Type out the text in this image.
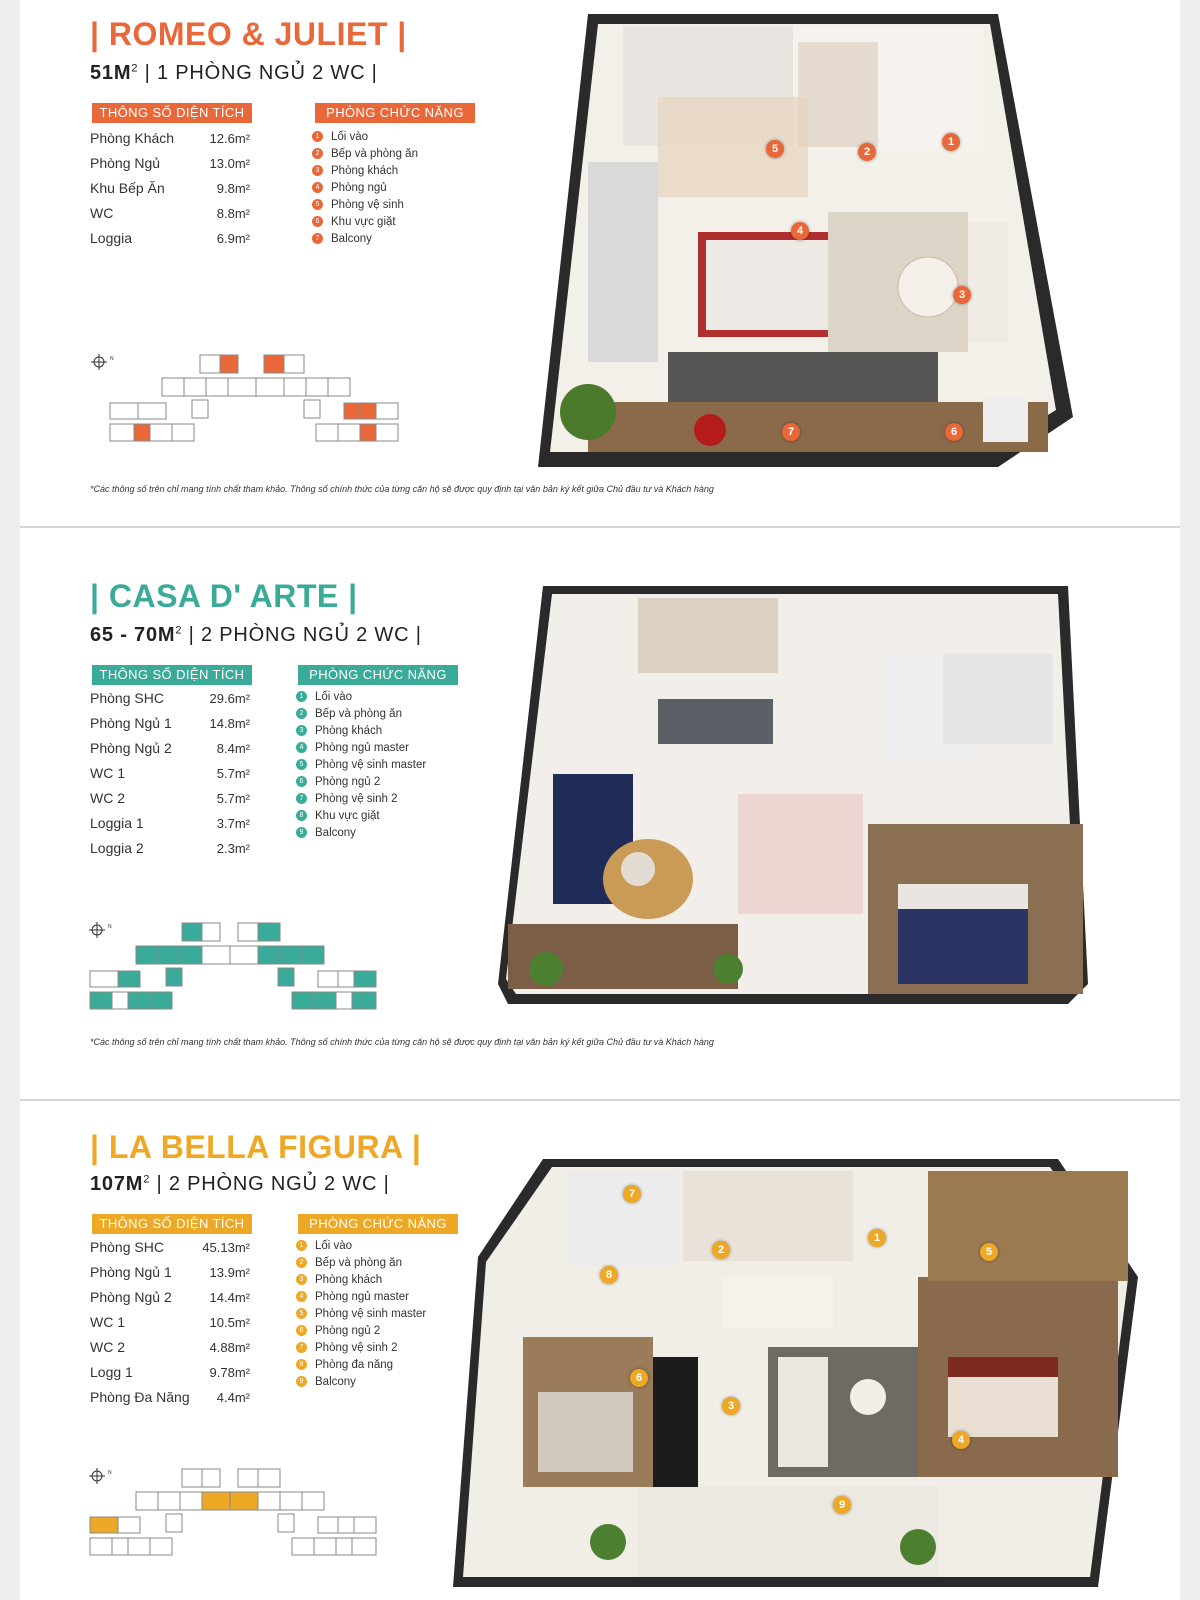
| ROMEO & JULIET |
$51M^2$ | 1 PHÒNG NGỦ 2 WC |
THÔNG SỐ DIỆN TÍCH	PHÒNG CHỨC NĂNG
Phòng Khách	12.6m²
Phòng Ngủ	13.0m²
Khu Bếp Ăn	9.8m²
WC	8.8m²
Loggia	6.9m²
1	Lối vào
2	Bếp và phòng ăn
3	Phòng khách
4	Phòng ngủ
5	Phòng vệ sinh
6	Khu vực giặt
7	Balcony
N
*Các thông số trên chỉ mang tính chất tham khảo. Thông số chính thức của từng căn hộ sẽ được quy định tại văn bản ký kết giữa Chủ đầu tư và Khách hàng
1
2
3
4
5
6
7
| CASA D' ARTE |
$65 - 70M^2$ | 2 PHÒNG NGỦ 2 WC |
THÔNG SỐ DIỆN TÍCH	PHÒNG CHỨC NĂNG
Phòng SHC	29.6m²
Phòng Ngủ 1	14.8m²
Phòng Ngủ 2	8.4m²
WC 1	5.7m²
WC 2	5.7m²
Loggia 1	3.7m²
Loggia 2	2.3m²
1	Lối vào
2	Bếp và phòng ăn
3	Phòng khách
4	Phòng ngủ master
5	Phòng vệ sinh master
6	Phòng ngủ 2
7	Phòng vệ sinh 2
8	Khu vực giặt
9	Balcony
N
*Các thông số trên chỉ mang tính chất tham khảo. Thông số chính thức của từng căn hộ sẽ được quy định tại văn bản ký kết giữa Chủ đầu tư và Khách hàng
| LA BELLA FIGURA |
$107M^2$ | 2 PHÒNG NGỦ 2 WC |
THÔNG SỐ DIỆN TÍCH	PHÒNG CHỨC NĂNG
Phòng SHC	45.13m²
Phòng Ngủ 1	13.9m²
Phòng Ngủ 2	14.4m²
WC 1	10.5m²
WC 2	4.88m²
Logg 1	9.78m²
Phòng Đa Năng 4.4m²
1	Lối vào
2	Bếp và phòng ăn
3	Phòng khách
4	Phòng ngủ master
5	Phòng vệ sinh master
6	Phòng ngủ 2
7	Phòng vệ sinh 2
8	Phòng đa năng
9	Balcony
N
1
2
3
4
5
6
7
8
9
